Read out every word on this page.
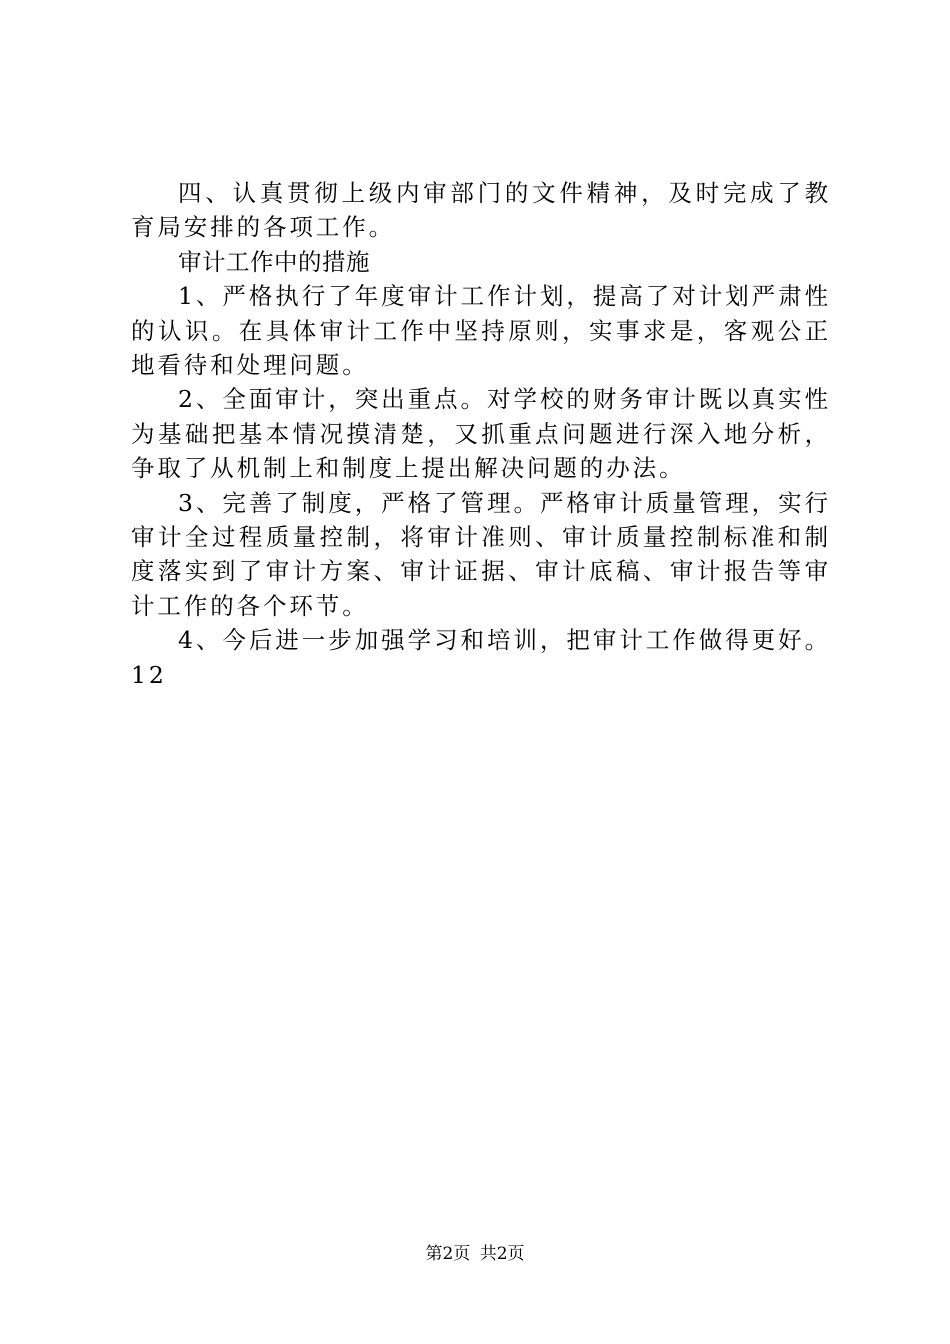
四、认真贯彻上级内审部门的文件精神，及时完成了教育局安排的各项工作。

审计工作中的措施

1、严格执行了年度审计工作计划，提高了对计划严肃性的认识。在具体审计工作中坚持原则，实事求是，客观公正地看待和处理问题。

2、全面审计，突出重点。对学校的财务审计既以真实性为基础把基本情况摸清楚，又抓重点问题进行深入地分析，争取了从机制上和制度上提出解决问题的办法。

3、完善了制度，严格了管理。严格审计质量管理，实行审计全过程质量控制，将审计准则、审计质量控制标准和制度落实到了审计方案、审计证据、审计底稿、审计报告等审计工作的各个环节。

4、今后进一步加强学习和培训，把审计工作做得更好。12

第2页 共2页
